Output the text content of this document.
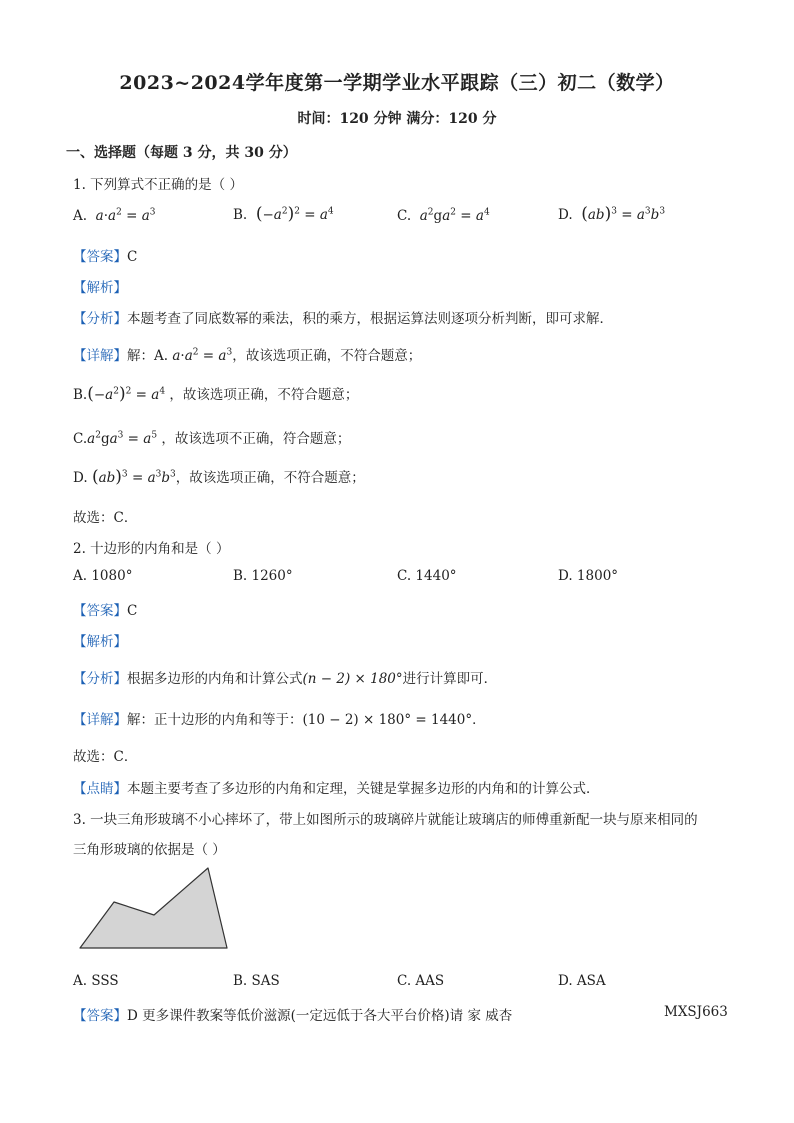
2023~2024学年度第一学期学业水平跟踪（三）初二（数学）
时间：120 分钟 满分：120 分
一、选择题（每题 3 分，共 30 分）
1. 下列算式不正确的是（ ）
A. $a\cdot a^2 = a^3$	B. $(-a^2)^2 = a^4$	C. $a^2ga^2 = a^4$	D. $(ab)^3 = a^3b^3$
【答案】C
【解析】
【分析】本题考查了同底数幂的乘法，积的乘方，根据运算法则逐项分析判断，即可求解．
【详解】解：A. $a\cdot a^2 = a^3$，故该选项正确，不符合题意；
$B.(-a^2)^2 = a^4$ ，故该选项正确，不符合题意；
$C.a^2ga^3 = a^5$ ，故该选项不正确，符合题意；
D. $(ab)^3 = a^3b^3$，故该选项正确，不符合题意；
故选：C．
2. 十边形的内角和是（ ）
A. 1080°	B. 1260°	C. 1440°	D. 1800°
【答案】C
【解析】
【分析】根据多边形的内角和计算公式(n − 2) × 180°进行计算即可．
【详解】解：正十边形的内角和等于：(10 − 2) × 180° = 1440°．
故选：C．
【点睛】本题主要考查了多边形的内角和定理，关键是掌握多边形的内角和的计算公式．
3. 一块三角形玻璃不小心摔坏了，带上如图所示的玻璃碎片就能让玻璃店的师傅重新配一块与原来相同的
三角形玻璃的依据是（ ）
A. SSS	B. SAS	C. AAS	D. ASA
【答案】D 更多课件教案等低价滋源(一定远低于各大平台价格)请 家 威杏	MXSJ663
